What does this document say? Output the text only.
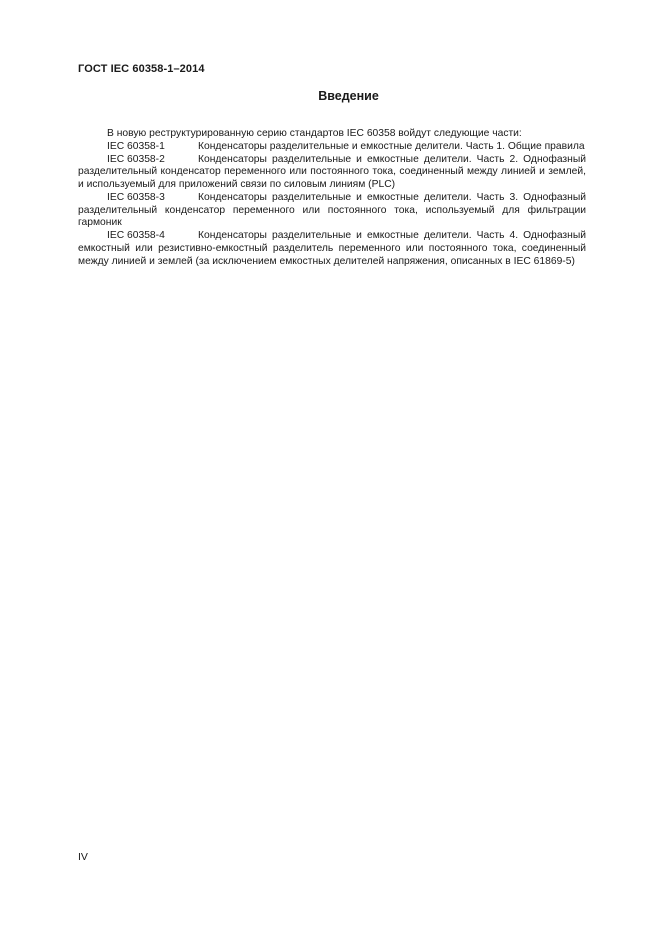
ГОСТ IEC 60358-1–2014
Введение

В новую реструктурированную серию стандартов IEC 60358 войдут следующие части:

IEC 60358-1	Конденсаторы разделительные и емкостные делители. Часть 1. Общие правила

IEC 60358-2	Конденсаторы разделительные и емкостные делители. Часть 2. Однофазный разделительный конденсатор переменного или постоянного тока, соединенный между линией и землей, и используемый для приложений связи по силовым линиям (PLC)

IEC 60358-3	Конденсаторы разделительные и емкостные делители. Часть 3. Однофазный разделительный конденсатор переменного или постоянного тока, используемый для фильтрации гармоник

IEC 60358-4	Конденсаторы разделительные и емкостные делители. Часть 4. Однофазный емкостный или резистивно-емкостный разделитель переменного или постоянного тока, соединенный между линией и землей (за исключением емкостных делителей напряжения, описанных в IEC 61869-5)

IV
